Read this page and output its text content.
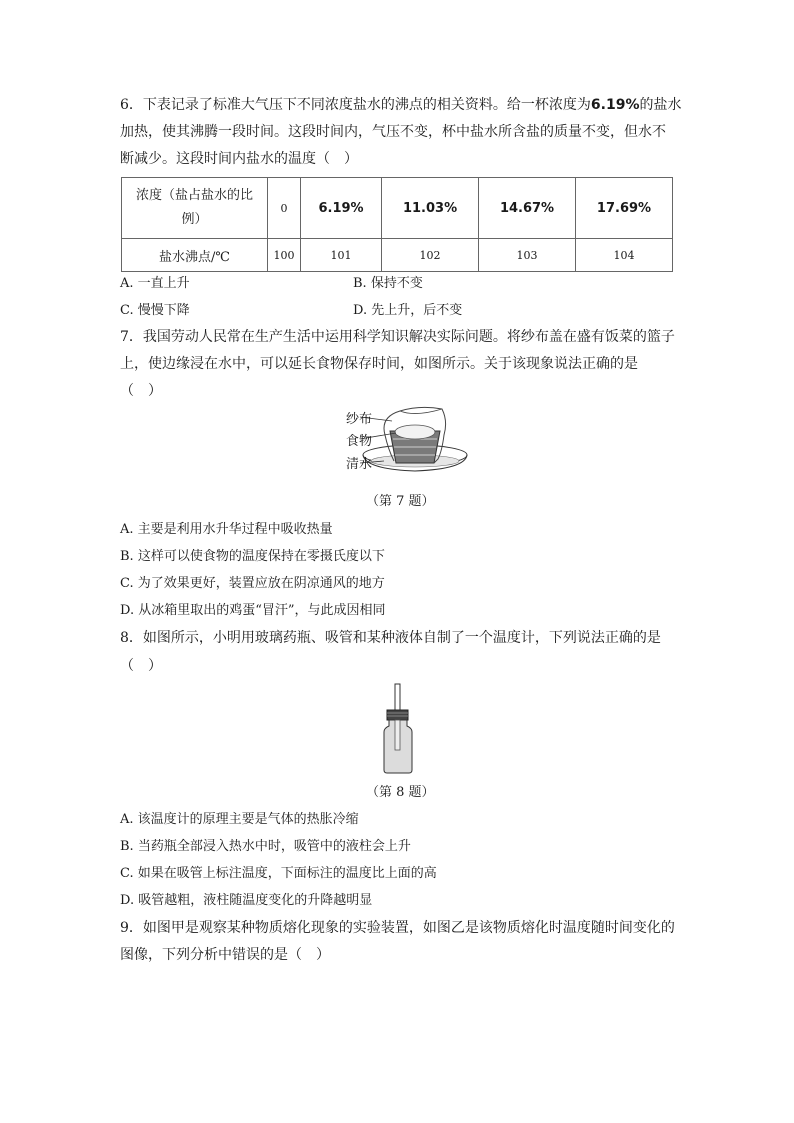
6．下表记录了标准大气压下不同浓度盐水的沸点的相关资料。给一杯浓度为6.19%的盐水
加热，使其沸腾一段时间。这段时间内，气压不变，杯中盐水所含盐的质量不变，但水不
断减少。这段时间内盐水的温度（　）
浓度（盐占盐水的比
例）	0	6.19%	11.03%	14.67%	17.69%
盐水沸点/℃	100	101	102	103	104
A. 一直上升	B. 保持不变
C. 慢慢下降	D. 先上升，后不变
7．我国劳动人民常在生产生活中运用科学知识解决实际问题。将纱布盖在盛有饭菜的篮子
上，使边缘浸在水中，可以延长食物保存时间，如图所示。关于该现象说法正确的是
（　）
纱布
食物
清水
（第 7 题）
A. 主要是利用水升华过程中吸收热量
B. 这样可以使食物的温度保持在零摄氏度以下
C. 为了效果更好，装置应放在阴凉通风的地方
D. 从冰箱里取出的鸡蛋“冒汗”，与此成因相同
8．如图所示，小明用玻璃药瓶、吸管和某种液体自制了一个温度计，下列说法正确的是
（　）
（第 8 题）
A. 该温度计的原理主要是气体的热胀冷缩
B. 当药瓶全部浸入热水中时，吸管中的液柱会上升
C. 如果在吸管上标注温度，下面标注的温度比上面的高
D. 吸管越粗，液柱随温度变化的升降越明显
9．如图甲是观察某种物质熔化现象的实验装置，如图乙是该物质熔化时温度随时间变化的
图像，下列分析中错误的是（　）
